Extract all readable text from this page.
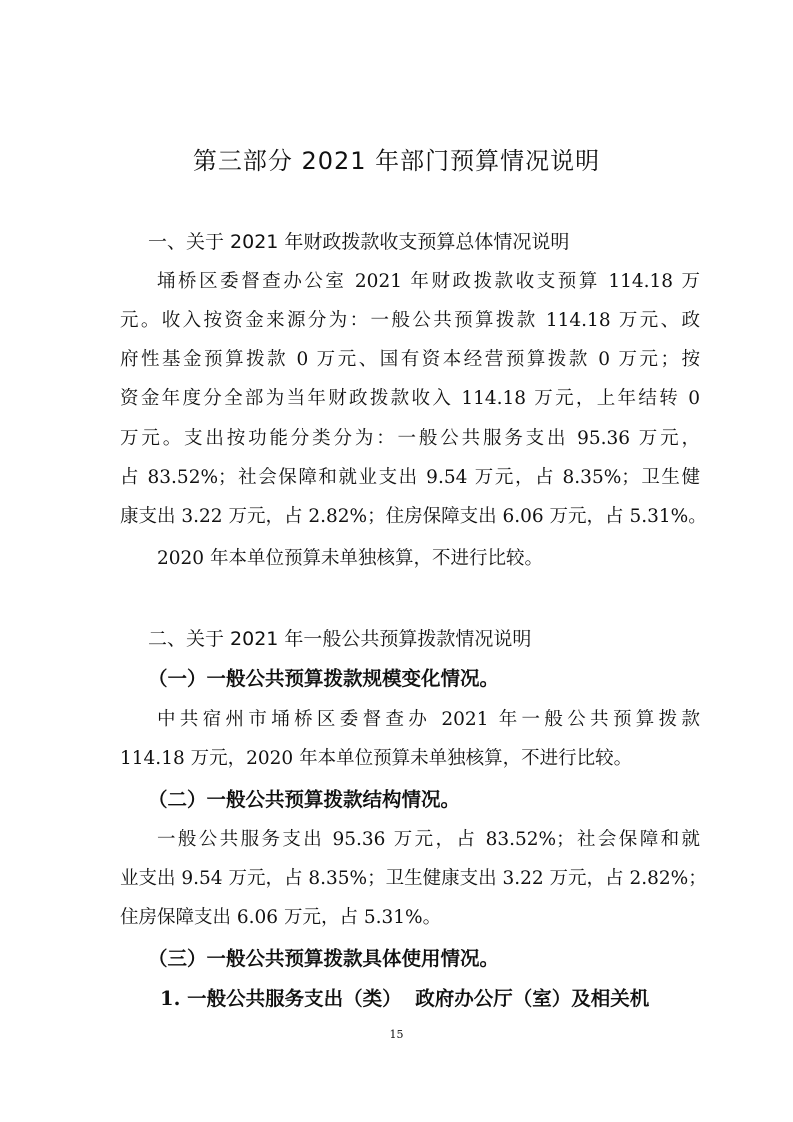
第三部分 2021 年部门预算情况说明
一、关于 2021 年财政拨款收支预算总体情况说明
埇桥区委督查办公室 2021 年财政拨款收支预算 114.18 万
元。收入按资金来源分为：一般公共预算拨款 114.18 万元、政
府性基金预算拨款 0 万元、国有资本经营预算拨款 0 万元；按
资金年度分全部为当年财政拨款收入 114.18 万元，上年结转 0
万元。支出按功能分类分为：一般公共服务支出 95.36 万元，
占 83.52%；社会保障和就业支出 9.54 万元，占 8.35%；卫生健
康支出 3.22 万元，占 2.82%；住房保障支出 6.06 万元，占 5.31%。
2020 年本单位预算未单独核算，不进行比较。
二、关于 2021 年一般公共预算拨款情况说明
（一）一般公共预算拨款规模变化情况。
中共宿州市埇桥区委督查办 2021 年一般公共预算拨款
114.18 万元，2020 年本单位预算未单独核算，不进行比较。
（二）一般公共预算拨款结构情况。
一般公共服务支出 95.36 万元，占 83.52%；社会保障和就
业支出 9.54 万元，占 8.35%；卫生健康支出 3.22 万元，占 2.82%；
住房保障支出 6.06 万元，占 5.31%。
（三）一般公共预算拨款具体使用情况。
1. 一般公共服务支出（类）  政府办公厅（室）及相关机
15
